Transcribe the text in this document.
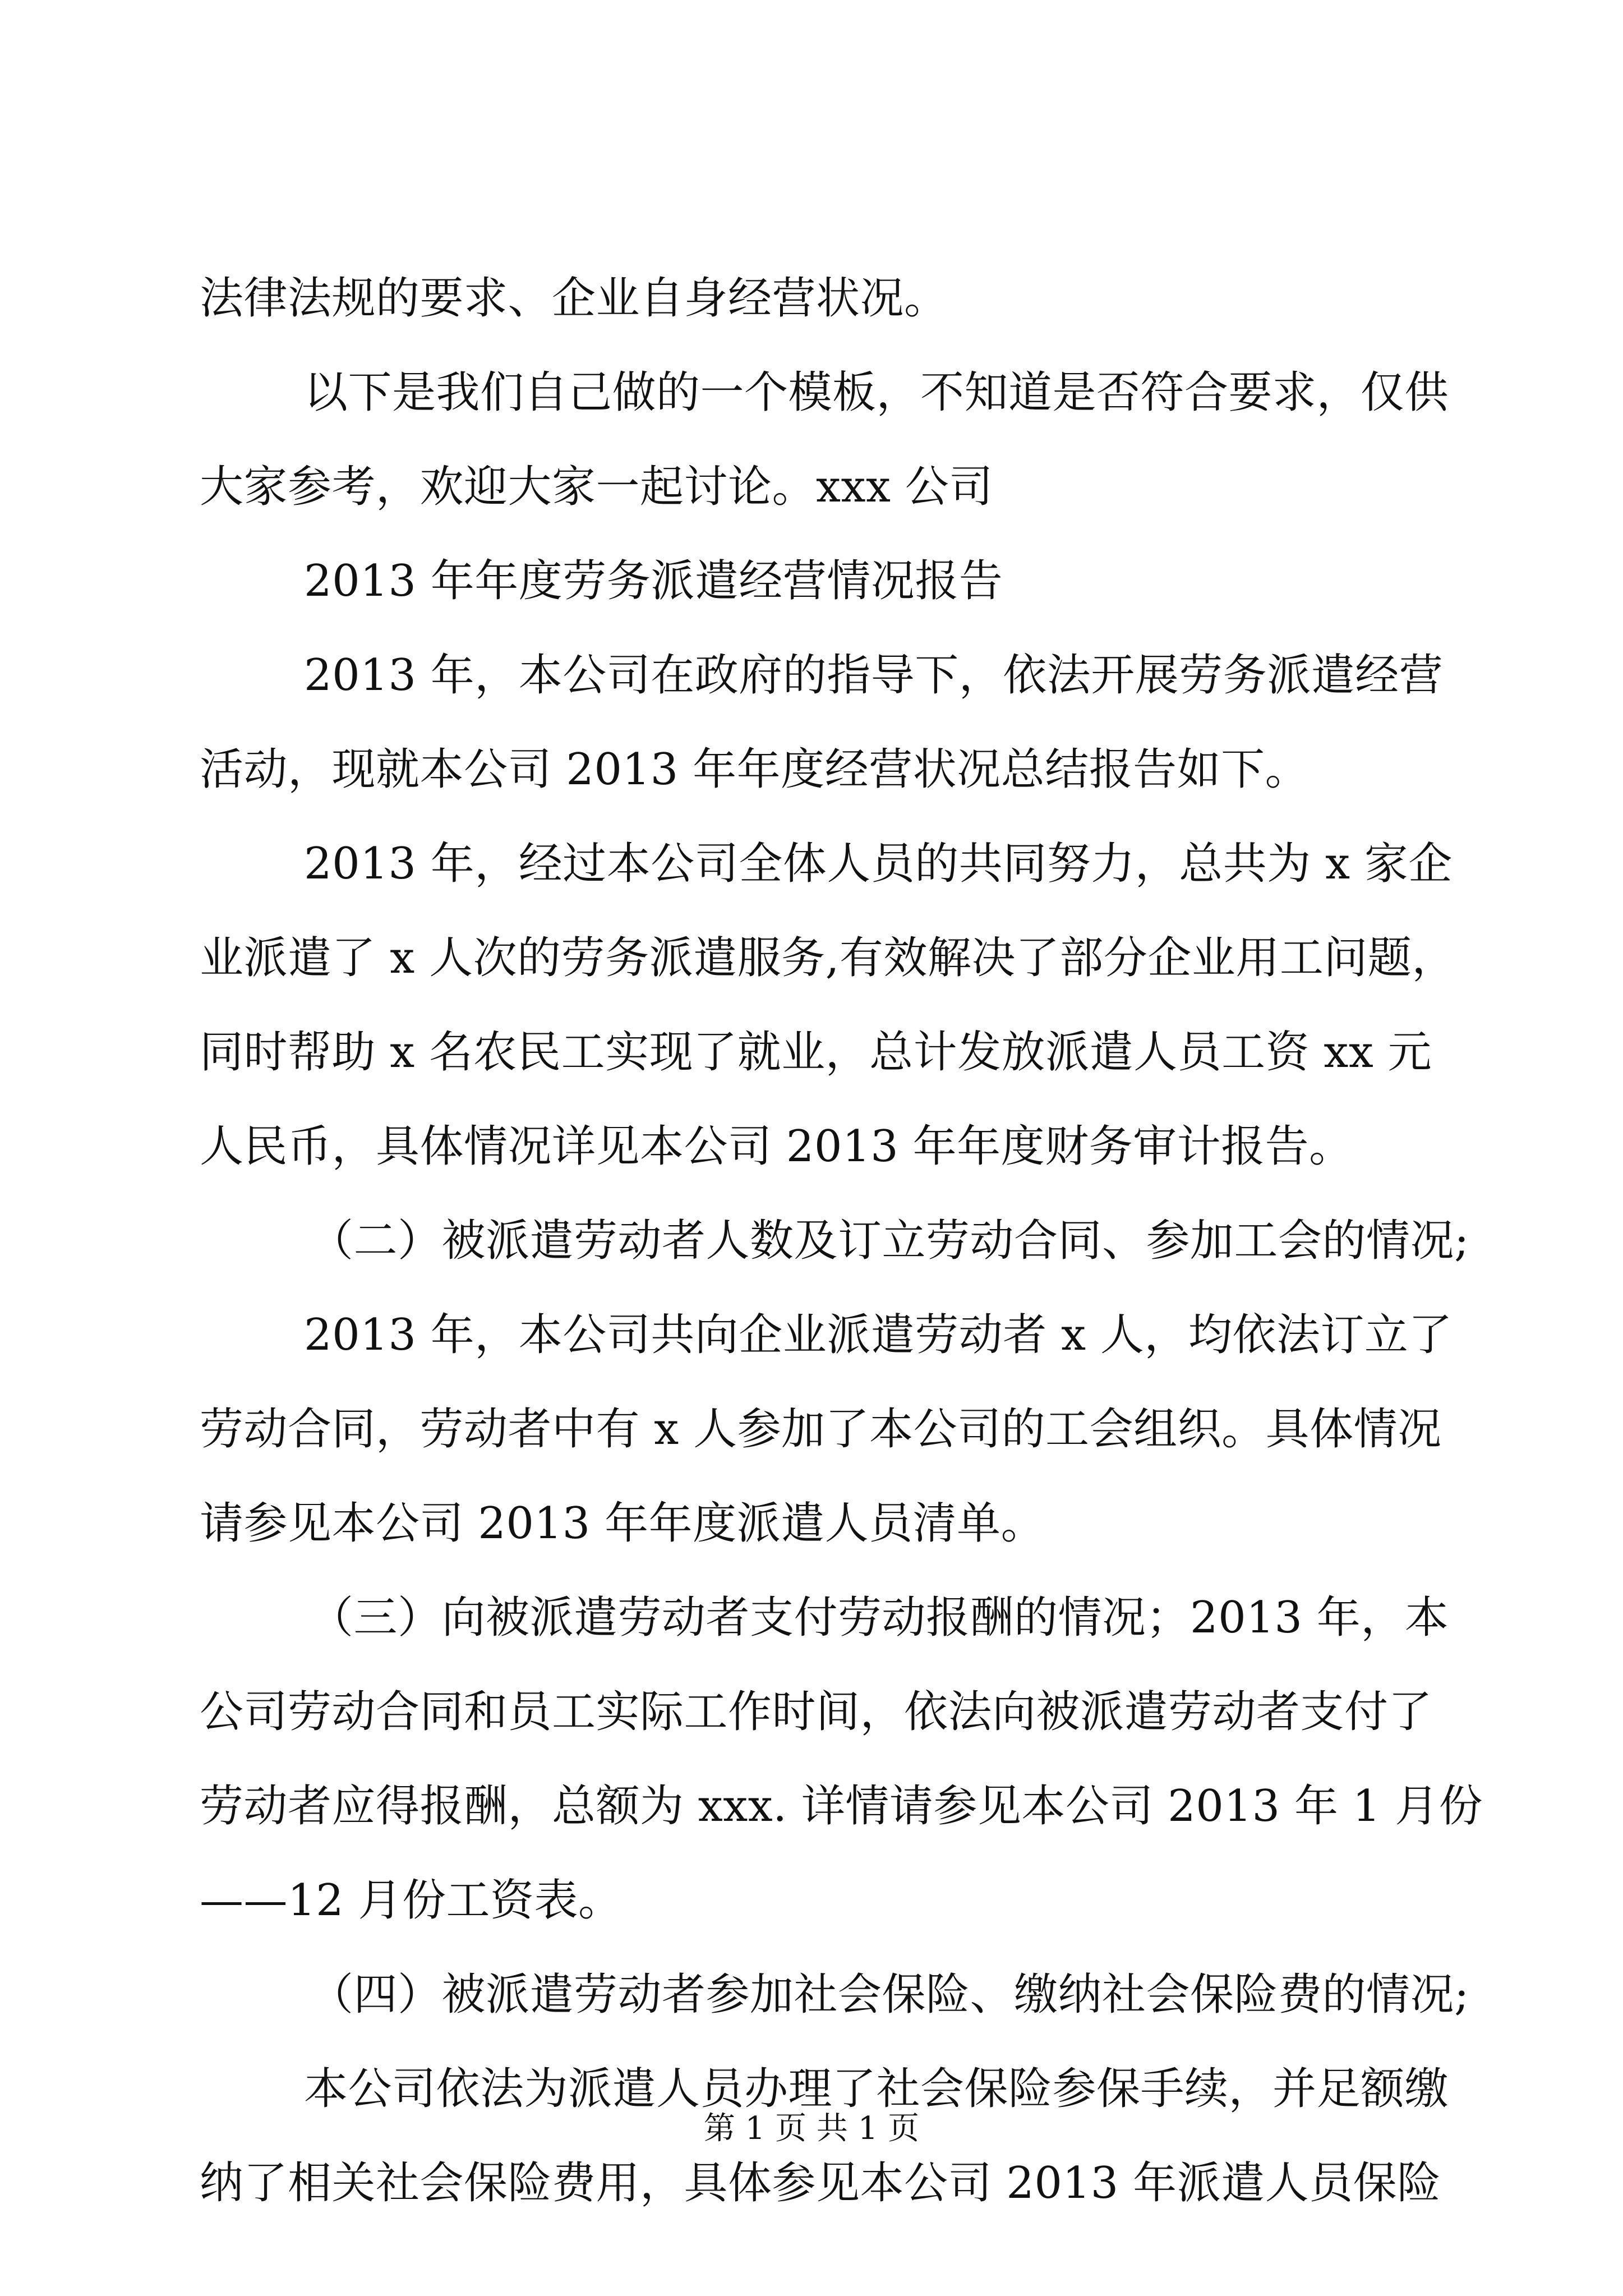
法律法规的要求、企业自身经营状况。
以下是我们自己做的一个模板，不知道是否符合要求，仅供
大家参考，欢迎大家一起讨论。xxx 公司
2013 年年度劳务派遣经营情况报告
2013 年，本公司在政府的指导下，依法开展劳务派遣经营
活动，现就本公司 2013 年年度经营状况总结报告如下。
2013 年，经过本公司全体人员的共同努力，总共为 x 家企
业派遣了 x 人次的劳务派遣服务,有效解决了部分企业用工问题，
同时帮助 x 名农民工实现了就业，总计发放派遣人员工资 xx 元
人民币，具体情况详见本公司 2013 年年度财务审计报告。
（二）被派遣劳动者人数及订立劳动合同、参加工会的情况;
2013 年，本公司共向企业派遣劳动者 x 人，均依法订立了
劳动合同，劳动者中有 x 人参加了本公司的工会组织。具体情况
请参见本公司 2013 年年度派遣人员清单。
（三）向被派遣劳动者支付劳动报酬的情况；2013 年，本
公司劳动合同和员工实际工作时间，依法向被派遣劳动者支付了
劳动者应得报酬，总额为 xxx. 详情请参见本公司 2013 年 1 月份
——12 月份工资表。
（四）被派遣劳动者参加社会保险、缴纳社会保险费的情况;
本公司依法为派遣人员办理了社会保险参保手续，并足额缴
纳了相关社会保险费用，具体参见本公司 2013 年派遣人员保险
第 1 页 共 1 页
